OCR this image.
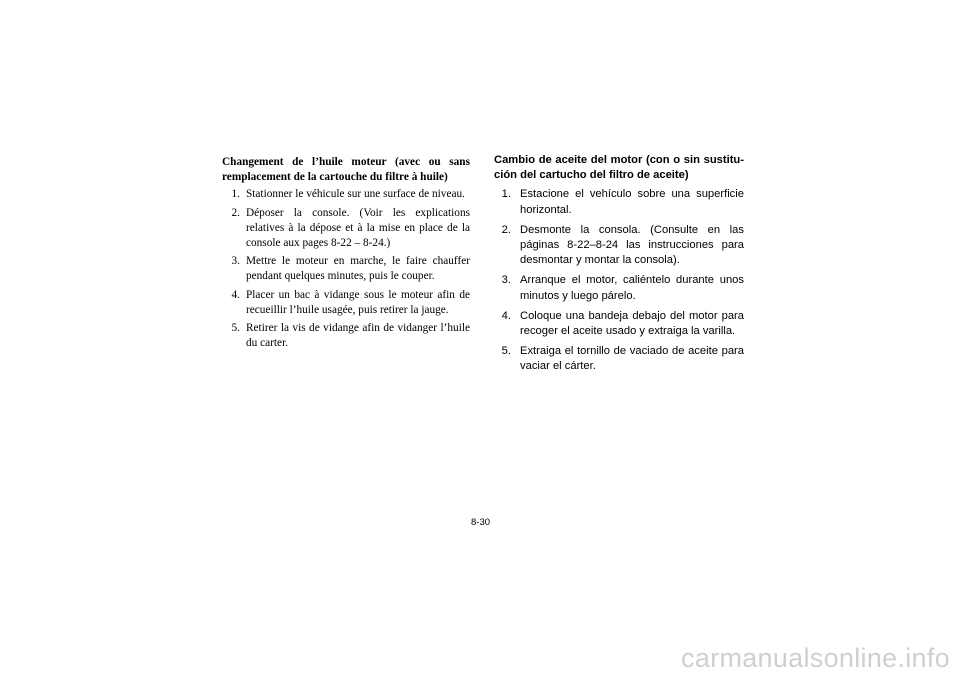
Changement de l’huile moteur (avec ou sans remplacement de la cartouche du filtre à huile)
1. Stationner le véhicule sur une surface de niveau.
2. Déposer la console. (Voir les explications relatives à la dépose et à la mise en place de la console aux pages 8-22 – 8-24.)
3. Mettre le moteur en marche, le faire chauffer pendant quelques minutes, puis le couper.
4. Placer un bac à vidange sous le moteur afin de recueillir l’huile usagée, puis retirer la jauge.
5. Retirer la vis de vidange afin de vidanger l’huile du carter.
Cambio de aceite del motor (con o sin sustitución del cartucho del filtro de aceite)
1. Estacione el vehículo sobre una superficie horizontal.
2. Desmonte la consola. (Consulte en las páginas 8-22–8-24 las instrucciones para desmontar y montar la consola).
3. Arranque el motor, caliéntelo durante unos minutos y luego párelo.
4. Coloque una bandeja debajo del motor para recoger el aceite usado y extraiga la varilla.
5. Extraiga el tornillo de vaciado de aceite para vaciar el cárter.
8-30
carmanualsonline.info
